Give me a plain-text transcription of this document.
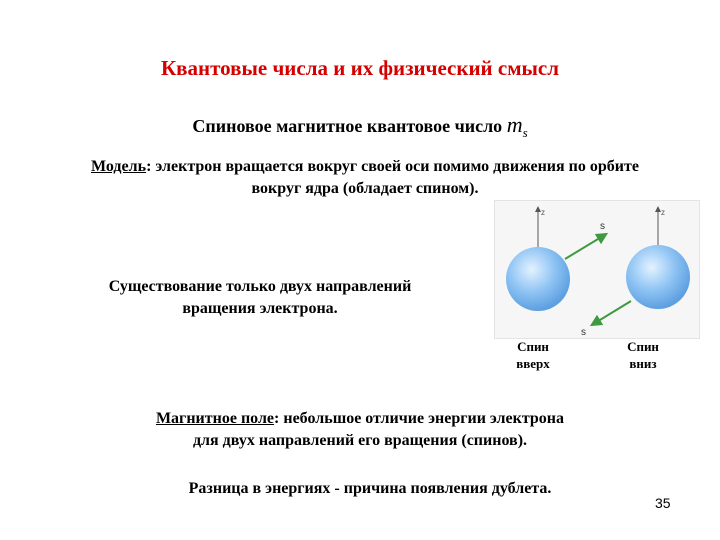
Квантовые числа и их физический смысл
Спиновое магнитное квантовое число $m_s$
Модель: электрон вращается вокруг своей оси помимо движения по орбите
вокруг ядра (обладает спином).
Существование только двух направлений
вращения электрона.
z
s
z
s
Спин
вверх
Спин
вниз
Магнитное поле: небольшое отличие энергии электрона
для двух направлений его вращения (спинов).
Разница в энергиях - причина появления дублета.
35
